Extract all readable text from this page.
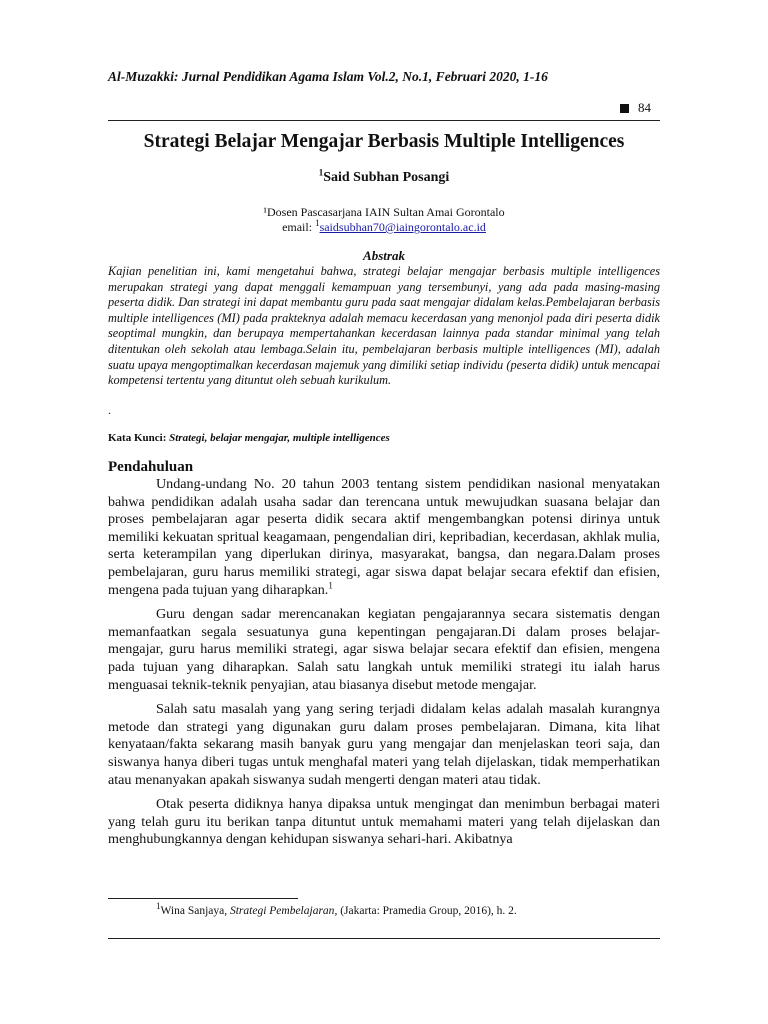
Al-Muzakki: Jurnal Pendidikan Agama Islam Vol.2, No.1, Februari 2020, 1-16
84
Strategi Belajar Mengajar Berbasis Multiple Intelligences
$^1$Said Subhan Posangi
¹Dosen Pascasarjana IAIN Sultan Amai Gorontalo
email: $^1$saidsubhan70@iaingorontalo.ac.id
Abstrak
Kajian penelitian ini, kami mengetahui bahwa, strategi belajar mengajar berbasis multiple intelligences merupakan strategi yang dapat menggali kemampuan yang tersembunyi, yang ada pada masing-masing peserta didik. Dan strategi ini dapat membantu guru pada saat mengajar didalam kelas.Pembelajaran berbasis multiple intelligences (MI) pada prakteknya adalah memacu kecerdasan yang menonjol pada diri peserta didik seoptimal mungkin, dan berupaya mempertahankan kecerdasan lainnya pada standar minimal yang telah ditentukan oleh sekolah atau lembaga.Selain itu, pembelajaran berbasis multiple intelligences (MI), adalah suatu upaya mengoptimalkan kecerdasan majemuk yang dimiliki setiap individu (peserta didik) untuk mencapai kompetensi tertentu yang dituntut oleh sebuah kurikulum.
.
Kata Kunci: Strategi, belajar mengajar, multiple intelligences
Pendahuluan

Undang-undang No. 20 tahun 2003 tentang sistem pendidikan nasional menyatakan bahwa pendidikan adalah usaha sadar dan terencana untuk mewujudkan suasana belajar dan proses pembelajaran agar peserta didik secara aktif mengembangkan potensi dirinya untuk memiliki kekuatan spritual keagamaan, pengendalian diri, kepribadian, kecerdasan, akhlak mulia, serta keterampilan yang diperlukan dirinya, masyarakat, bangsa, dan negara.Dalam proses pembelajaran, guru harus memiliki strategi, agar siswa dapat belajar secara efektif dan efisien, mengena pada tujuan yang diharapkan.$^1$

Guru dengan sadar merencanakan kegiatan pengajarannya secara sistematis dengan memanfaatkan segala sesuatunya guna kepentingan pengajaran.Di dalam proses belajar-mengajar, guru harus memiliki strategi, agar siswa belajar secara efektif dan efisien, mengena pada tujuan yang diharapkan. Salah satu langkah untuk memiliki strategi itu ialah harus menguasai teknik-teknik penyajian, atau biasanya disebut metode mengajar.

Salah satu masalah yang yang sering terjadi didalam kelas adalah masalah kurangnya metode dan strategi yang digunakan guru dalam proses pembelajaran. Dimana, kita lihat kenyataan/fakta sekarang masih banyak guru yang mengajar dan menjelaskan teori saja, dan siswanya hanya diberi tugas untuk menghafal materi yang telah dijelaskan, tidak memperhatikan atau menanyakan apakah siswanya sudah mengerti dengan materi atau tidak.

Otak peserta didiknya hanya dipaksa untuk mengingat dan menimbun berbagai materi yang telah guru itu berikan tanpa dituntut untuk memahami materi yang telah dijelaskan dan menghubungkannya dengan kehidupan siswanya sehari-hari. Akibatnya

$^1$Wina Sanjaya, Strategi Pembelajaran, (Jakarta: Pramedia Group, 2016), h. 2.
